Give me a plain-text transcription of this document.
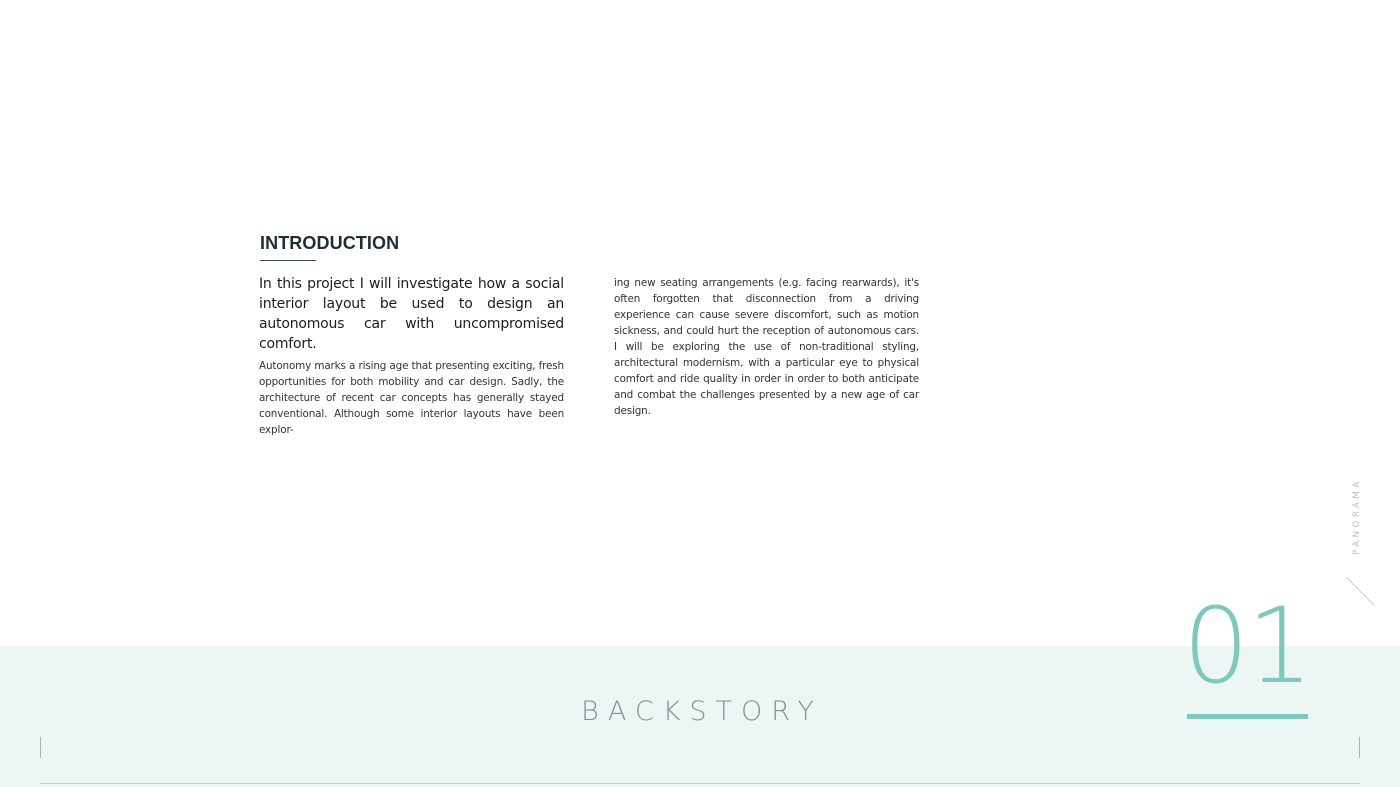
INTRODUCTION

In this project I will investigate how a social interior layout be used to design an autonomous car with uncompromised comfort.

Autonomy marks a rising age that presenting exciting, fresh opportunities for both mobility and car design. Sadly, the architecture of recent car concepts has generally stayed conventional. Although some interior layouts have been explor-

ing new seating arrangements (e.g. facing rearwards), it's often forgotten that disconnection from a driving experience can cause severe discomfort, such as motion sickness, and could hurt the reception of autonomous cars. I will be exploring the use of non-traditional styling, architectural modernism, with a particular eye to physical comfort and ride quality in order in order to both anticipate and combat the challenges presented by a new age of car design.

PANORAMA
BACKSTORY
01
